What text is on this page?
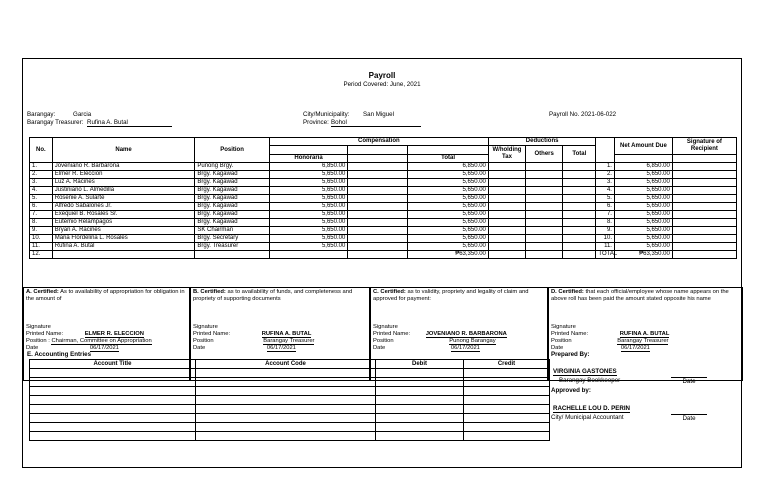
Payroll
Period Covered: June, 2021
Barangay:	Garcia
Barangay Treasurer: Rufina A. Butal
City/Municipality: San Miguel
Province: Bohol
Payroll No. 2021-06-022
No.	Name	Position	Compensation			Deductions				Net Amount Due	Signature of Recipient
						W/holding Tax	Others	Total			
			Honoraria		Total						
1.	Joveniano R. Barbarona	Punong Brgy.	6,850.00		6,850.00				1.	6,850.00	
2.	Elmer R. Eleccion	Brgy. Kagawad	5,650.00		5,650.00				2.	5,650.00	
3.	Luz A. Racines	Brgy. Kagawad	5,650.00		5,650.00				3.	5,650.00	
4.	Justiniano L. Almedilla	Brgy. Kagawad	5,650.00		5,650.00				4.	5,650.00	
5.	Rosenie A. Sularte	Brgy. Kagawad	5,650.00		5,650.00				5.	5,650.00	
6.	Alfredo Sabalones Jr.	Brgy. Kagawad	5,650.00		5,650.00				6.	5,650.00	
7.	Exequiel B. Rosales Sr.	Brgy. Kagawad	5,650.00		5,650.00				7.	5,650.00	
8.	Eutemio Relampagos	Brgy. Kagawad	5,650.00		5,650.00				8.	5,650.00	
9.	Bryan A. Racines	SK Chairman	5,650.00		5,650.00				9.	5,650.00	
10.	Maria Flordelina L. Rosales	Brgy. Secretary	5,650.00		5,650.00				10.	5,650.00	
11.	Rufina A. Butal	Brgy. Treasurer	5,650.00		5,650.00				11.	5,650.00	
12.					₱63,350.00				TOTAL	₱63,350.00	
A. Certified: As to availability of appropriation for obligation in the amount of
Signature
Printed Name:	ELMER R. ELECCION
Position : Chairman, Committee on Appropriation
Date	06/17/2021
B. Certified: as to availability of funds, and completeness and propriety of supporting documents
Signature
Printed Name:	RUFINA A. BUTAL
Position	Barangay Treasurer
Date	06/17/2021
C. Certified: as to validity, propriety and legality of claim and approved for payment:
Signature
Printed Name:	JOVENIANO R. BARBARONA
Position	Punong Barangay
Date	06/17/2021
D. Certified: that each official/employee whose name appears on the above roll has been paid the amount stated opposite his name
Signature
Printed Name:	RUFINA A. BUTAL
Position	Barangay Treasurer
Date	06/17/2021
E. Accounting Entries
Account Title	Account Code	Debit	Credit

Prepared By:
VIRGINIA GASTONES
Barangay Bookkeeper	Date
Approved by:
RACHELLE LOU D. PERIN
City/ Municipal Accountant	Date
